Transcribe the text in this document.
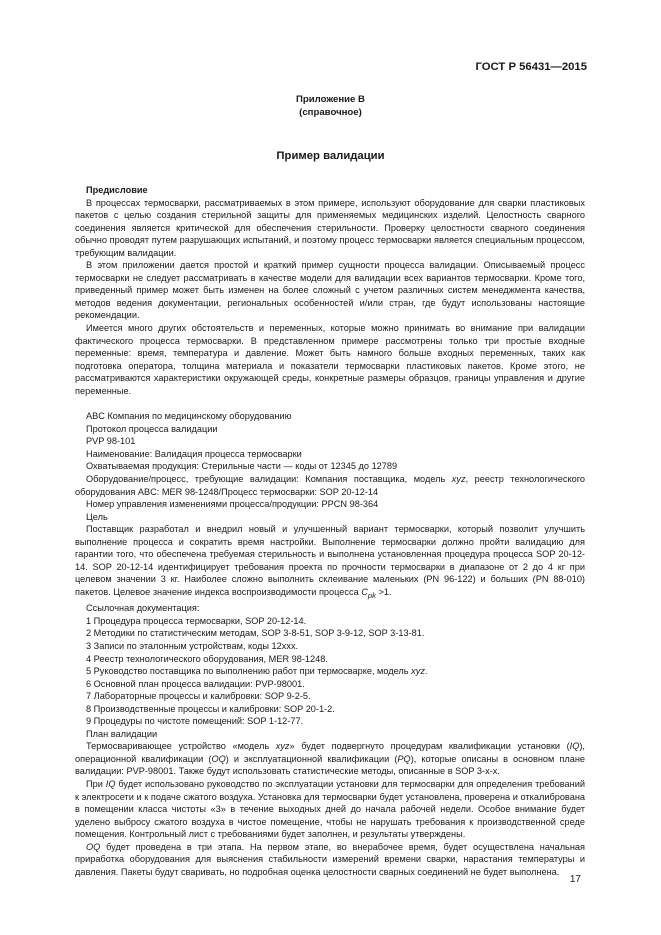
ГОСТ Р 56431—2015
Приложение В
(справочное)
Пример валидации

Предисловие

В процессах термосварки, рассматриваемых в этом примере, используют оборудование для сварки пластиковых пакетов с целью создания стерильной защиты для применяемых медицинских изделий. Целостность сварного соединения является критической для обеспечения стерильности. Проверку целостности сварного соединения обычно проводят путем разрушающих испытаний, и поэтому процесс термосварки является специальным процессом, требующим валидации.

В этом приложении дается простой и краткий пример сущности процесса валидации. Описываемый процесс термосварки не следует рассматривать в качестве модели для валидации всех вариантов термосварки. Кроме того, приведенный пример может быть изменен на более сложный с учетом различных систем менеджмента качества, методов ведения документации, региональных особенностей и/или стран, где будут использованы настоящие рекомендации.

Имеется много других обстоятельств и переменных, которые можно принимать во внимание при валидации фактического процесса термосварки. В представленном примере рассмотрены только три простые входные переменные: время, температура и давление. Может быть намного больше входных переменных, таких как подготовка оператора, толщина материала и показатели термосварки пластиковых пакетов. Кроме этого, не рассматриваются характеристики окружающей среды, конкретные размеры образцов, границы управления и другие переменные.

ABC Компания по медицинскому оборудованию

Протокол процесса валидации

PVP 98-101

Наименование: Валидация процесса термосварки

Охватываемая продукция: Стерильные части — коды от 12345 до 12789

Оборудование/процесс, требующие валидации: Компания поставщика, модель xyz, реестр технологического оборудования ABC: MER 98-1248/Процесс термосварки: SOP 20-12-14

Номер управления изменениями процесса/продукции: PPCN 98-364

Цель

Поставщик разработал и внедрил новый и улучшенный вариант термосварки, который позволит улучшить выполнение процесса и сократить время настройки. Выполнение термосварки должно пройти валидацию для гарантии того, что обеспечена требуемая стерильность и выполнена установленная процедура процесса SOP 20-12-14. SOP 20-12-14 идентифицирует требования проекта по прочности термосварки в диапазоне от 2 до 4 кг при целевом значении 3 кг. Наиболее сложно выполнить склеивание маленьких (PN 96-122) и больших (PN 88-010) пакетов. Целевое значение индекса воспроизводимости процесса $C_{pk} >1$.

Ссылочная документация:

1 Процедура процесса термосварки, SOP 20-12-14.

2 Методики по статистическим методам, SOP 3-8-51, SOP 3-9-12, SOP 3-13-81.

3 Записи по эталонным устройствам, коды 12xxx.

4 Реестр технологического оборудования, MER 98-1248.

5 Руководство поставщика по выполнению работ при термосварке, модель xyz.

6 Основной план процесса валидации: PVP-98001.

7 Лабораторные процессы и калибровки: SOP 9-2-5.

8 Производственные процессы и калибровки: SOP 20-1-2.

9 Процедуры по чистоте помещений: SOP 1-12-77.

План валидации

Термосваривающее устройство «модель xyz» будет подвергнуто процедурам квалификации установки (IQ), операционной квалификации (OQ) и эксплуатационной квалификации (PQ), которые описаны в основном плане валидации: PVP-98001. Также будут использовать статистические методы, описанные в SOP 3-x-x.

При IQ будет использовано руководство по эксплуатации установки для термосварки для определения требований к электросети и к подаче сжатого воздуха. Установка для термосварки будет установлена, проверена и откалибрована в помещении класса чистоты «3» в течение выходных дней до начала рабочей недели. Особое внимание будет уделено выбросу сжатого воздуха в чистое помещение, чтобы не нарушать требования к производственной среде помещения. Контрольный лист с требованиями будет заполнен, и результаты утверждены.

OQ будет проведена в три этапа. На первом этапе, во внерабочее время, будет осуществлена начальная приработка оборудования для выяснения стабильности измерений времени сварки, нарастания температуры и давления. Пакеты будут сваривать, но подробная оценка целостности сварных соединений не будет выполнена.

17
